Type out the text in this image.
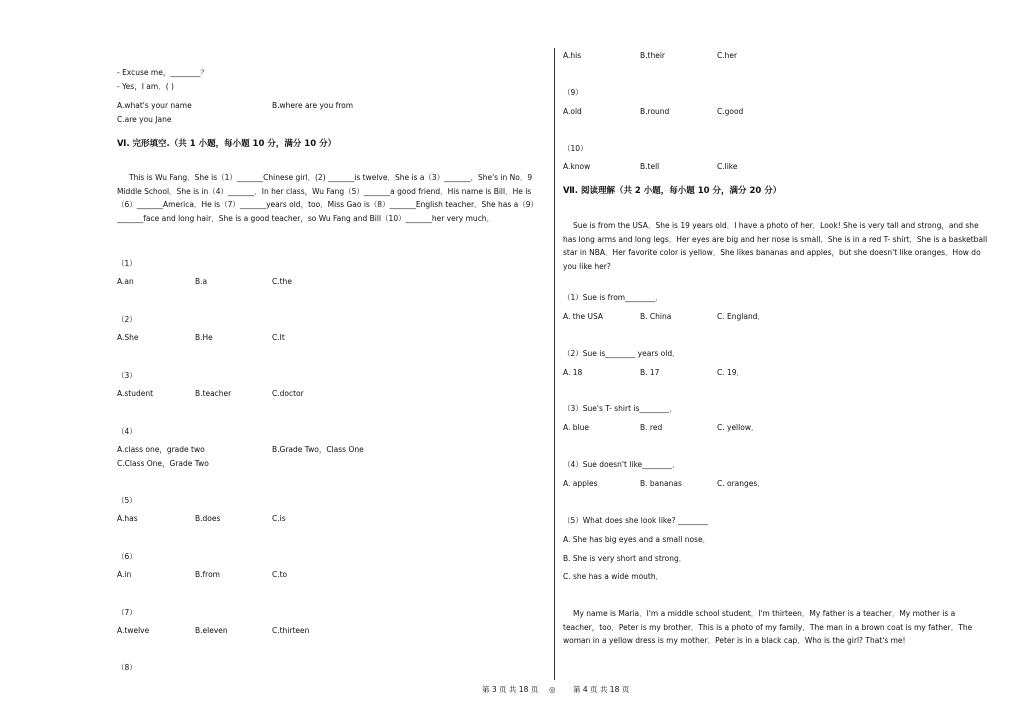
- Excuse me，________？
- Yes，I am．( )
A.what's your name	B.where are you from
C.are you Jane
Ⅵ. 完形填空.（共 1 小题，每小题 10 分，满分 10 分）
This is Wu Fang．She is（1）_______Chinese girl．(2) _______is twelve．She is a（3）_______．She's in No．9 Middle School．She is in（4）_______．In her class，Wu Fang（5）_______a good friend．His name is Bill．He is（6）_______America．He is（7）_______years old，too．Miss Gao is（8）_______English teacher．She has a（9）_______face and long hair．She is a good teacher，so Wu Fang and Bill（10）_______her very much．
（1）
A.an	B.a	C.the
（2）
A.She	B.He	C.It
（3）
A.student	B.teacher	C.doctor
（4）
A.class one，grade two	B.Grade Two，Class One
C.Class One，Grade Two
（5）
A.has	B.does	C.is
（6）
A.in	B.from	C.to
（7）
A.twelve	B.eleven	C.thirteen
（8）
A.his	B.their	C.her
（9）
A.old	B.round	C.good
（10）
A.know	B.tell	C.like
Ⅶ. 阅读理解（共 2 小题，每小题 10 分，满分 20 分）
Sue is from the USA．She is 19 years old．I have a photo of her．Look! She is very tall and strong，and she has long arms and long legs．Her eyes are big and her nose is small．She is in a red T- shirt．She is a basketball star in NBA．Her favorite color is yellow．She likes bananas and apples，but she doesn't like oranges．How do you like her?
（1）Sue is from________．
A. the USA	B. China	C. England．
（2）Sue is________ years old．
A. 18	B. 17	C. 19．
（3）Sue's T- shirt is________．
A. blue	B. red	C. yellow．
（4）Sue doesn't like________．
A. apples	B. bananas	C. oranges．
（5）What does she look like? ________
A. She has big eyes and a small nose．
B. She is very short and strong．
C. she has a wide mouth．
My name is Maria．I'm a middle school student．I'm thirteen．My father is a teacher．My mother is a teacher，too．Peter is my brother．This is a photo of my family．The man in a brown coat is my father．The woman in a yellow dress is my mother．Peter is in a black cap．Who is the girl? That's me!
第 3 页 共 18 页 ◎ 第 4 页 共 18 页
